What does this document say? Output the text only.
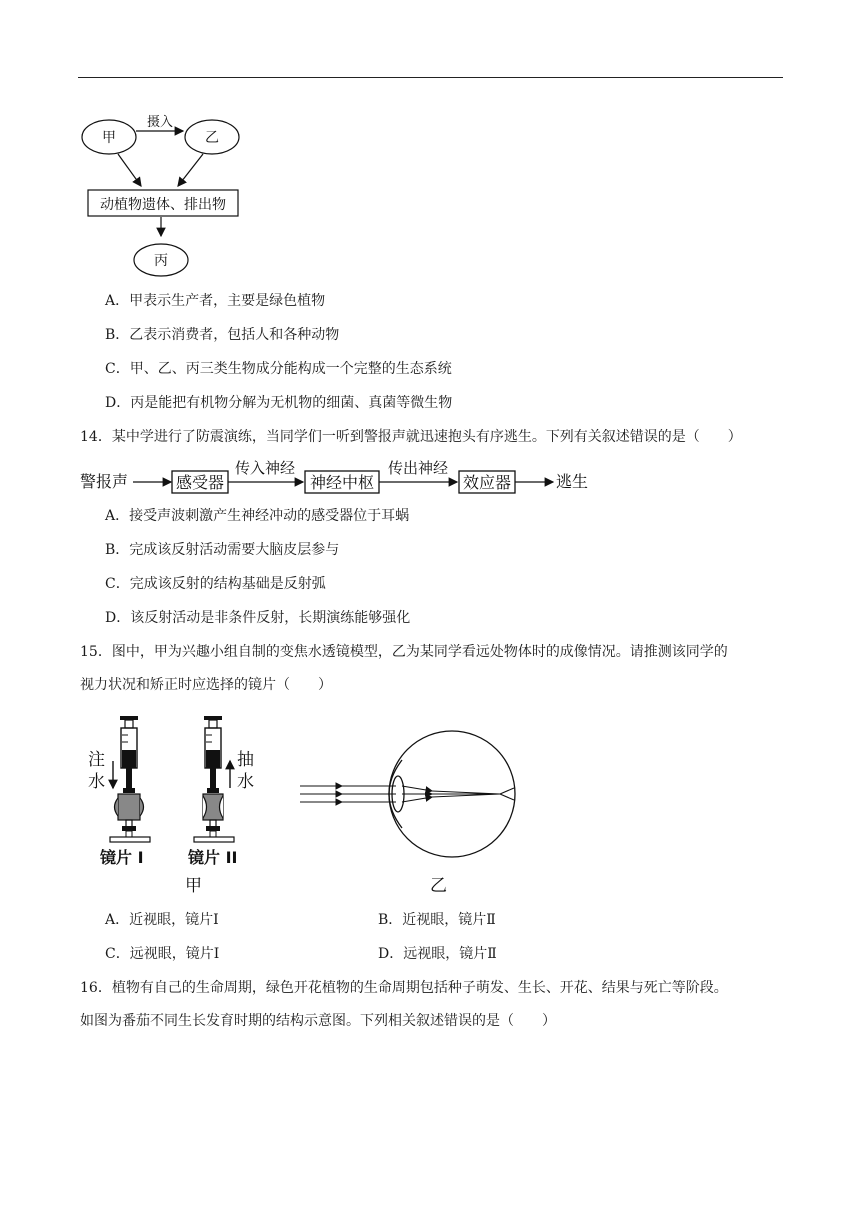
甲	乙
摄入
动植物遗体、排出物
丙
A．甲表示生产者，主要是绿色植物
B．乙表示消费者，包括人和各种动物
C．甲、乙、丙三类生物成分能构成一个完整的生态系统
D．丙是能把有机物分解为无机物的细菌、真菌等微生物
14．某中学进行了防震演练，当同学们一听到警报声就迅速抱头有序逃生。下列有关叙述错误的是（　　）
警报声	感受器
传入神经
神经中枢
传出神经
效应器	逃生
A．接受声波刺激产生神经冲动的感受器位于耳蜗
B．完成该反射活动需要大脑皮层参与
C．完成该反射的结构基础是反射弧
D．该反射活动是非条件反射，长期演练能够强化
15．图中，甲为兴趣小组自制的变焦水透镜模型，乙为某同学看远处物体时的成像情况。请推测该同学的
视力状况和矫正时应选择的镜片（　　）
注
水
抽
水
镜片 I	镜片 II
甲	乙
A．近视眼，镜片Ⅰ	B．近视眼，镜片Ⅱ
C．远视眼，镜片Ⅰ	D．远视眼，镜片Ⅱ
16．植物有自己的生命周期，绿色开花植物的生命周期包括种子萌发、生长、开花、结果与死亡等阶段。
如图为番茄不同生长发育时期的结构示意图。下列相关叙述错误的是（　　）
